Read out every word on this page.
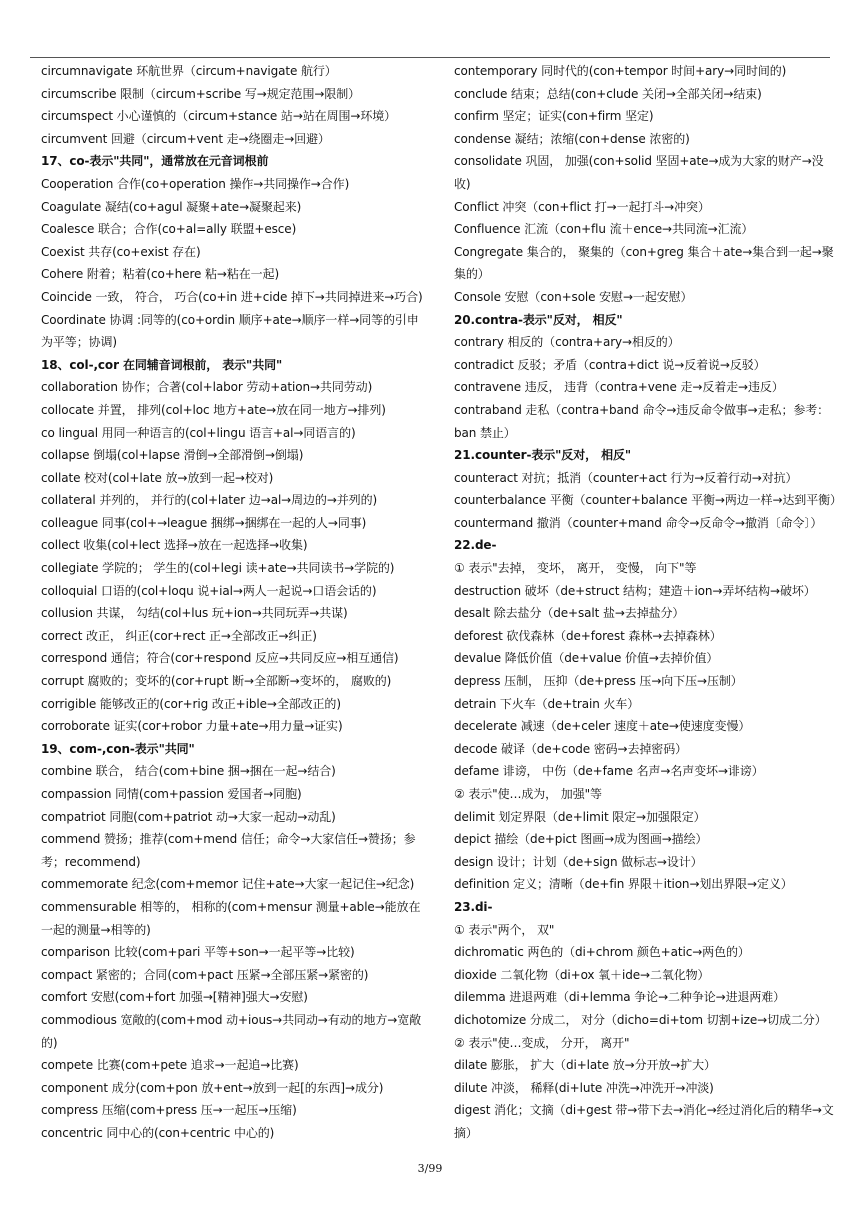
circumnavigate 环航世界（circum+navigate 航行）

circumscribe 限制（circum+scribe 写→规定范围→限制）

circumspect 小心谨慎的（circum+stance 站→站在周围→环境）

circumvent 回避（circum+vent 走→绕圈走→回避）

17、co-表示"共同"，通常放在元音词根前

Cooperation 合作(co+operation 操作→共同操作→合作)

Coagulate 凝结(co+agul 凝聚+ate→凝聚起来)

Coalesce 联合；合作(co+al=ally 联盟+esce)

Coexist 共存(co+exist 存在)

Cohere 附着；粘着(co+here 粘→粘在一起)

Coincide 一致， 符合， 巧合(co+in 进+cide 掉下→共同掉进来→巧合)

Coordinate 协调 :同等的(co+ordin 顺序+ate→顺序一样→同等的引申为平等；协调)

18、col-,cor 在同辅音词根前， 表示"共同"

collaboration 协作；合著(col+labor 劳动+ation→共同劳动)

collocate 并置， 排列(col+loc 地方+ate→放在同一地方→排列)

co lingual 用同一种语言的(col+lingu 语言+al→同语言的)

collapse 倒塌(col+lapse 滑倒→全部滑倒→倒塌)

collate 校对(col+late 放→放到一起→校对)

collateral 并列的， 并行的(col+later 边→al→周边的→并列的)

colleague 同事(col+→league 捆绑→捆绑在一起的人→同事)

collect 收集(col+lect 选择→放在一起选择→收集)

collegiate 学院的； 学生的(col+legi 读+ate→共同读书→学院的)

colloquial 口语的(col+loqu 说+ial→两人一起说→口语会话的)

collusion 共谋， 勾结(col+lus 玩+ion→共同玩弄→共谋)

correct 改正， 纠正(cor+rect 正→全部改正→纠正)

correspond 通信；符合(cor+respond 反应→共同反应→相互通信)

corrupt 腐败的；变坏的(cor+rupt 断→全部断→变坏的， 腐败的)

corrigible 能够改正的(cor+rig 改正+ible→全部改正的)

corroborate 证实(cor+robor 力量+ate→用力量→证实)

19、com-,con-表示"共同"

combine 联合， 结合(com+bine 捆→捆在一起→结合)

compassion 同情(com+passion 爱国者→同胞)

compatriot 同胞(com+patriot 动→大家一起动→动乱)

commend 赞扬；推荐(com+mend 信任；命令→大家信任→赞扬；参考；recommend)

commemorate 纪念(com+memor 记住+ate→大家一起记住→纪念)

commensurable 相等的， 相称的(com+mensur 测量+able→能放在一起的测量→相等的)

comparison 比较(com+pari 平等+son→一起平等→比较)

compact 紧密的；合同(com+pact 压紧→全部压紧→紧密的)

comfort 安慰(com+fort 加强→[精神]强大→安慰)

commodious 宽敞的(com+mod 动+ious→共同动→有动的地方→宽敞的)

compete 比赛(com+pete 追求→一起追→比赛)

component 成分(com+pon 放+ent→放到一起[的东西]→成分)

compress 压缩(com+press 压→一起压→压缩)

concentric 同中心的(con+centric 中心的)

contemporary 同时代的(con+tempor 时间+ary→同时间的)

conclude 结束；总结(con+clude 关闭→全部关闭→结束)

confirm 坚定；证实(con+firm 坚定)

condense 凝结；浓缩(con+dense 浓密的)

consolidate 巩固， 加强(con+solid 坚固+ate→成为大家的财产→没收)

Conflict 冲突（con+flict 打→一起打斗→冲突）

Confluence 汇流（con+flu 流＋ence→共同流→汇流）

Congregate 集合的， 聚集的（con+greg 集合＋ate→集合到一起→聚集的）

Console 安慰（con+sole 安慰→一起安慰）

20.contra-表示"反对， 相反"

contrary 相反的（contra+ary→相反的）

contradict 反驳；矛盾（contra+dict 说→反着说→反驳）

contravene 违反， 违背（contra+vene 走→反着走→违反）

contraband 走私（contra+band 命令→违反命令做事→走私；参考：ban 禁止）

21.counter-表示"反对， 相反"

counteract 对抗；抵消（counter+act 行为→反着行动→对抗）

counterbalance 平衡（counter+balance 平衡→两边一样→达到平衡）

countermand 撤消（counter+mand 命令→反命令→撤消〔命令〕）

22.de-

① 表示"去掉， 变坏， 离开， 变慢， 向下"等

destruction 破坏（de+struct 结构；建造＋ion→弄坏结构→破坏）

desalt 除去盐分（de+salt 盐→去掉盐分）

deforest 砍伐森林（de+forest 森林→去掉森林）

devalue 降低价值（de+value 价值→去掉价值）

depress 压制， 压抑（de+press 压→向下压→压制）

detrain 下火车（de+train 火车）

decelerate 减速（de+celer 速度＋ate→使速度变慢）

decode 破译（de+code 密码→去掉密码）

defame 诽谤， 中伤（de+fame 名声→名声变坏→诽谤）

② 表示"使…成为， 加强"等

delimit 划定界限（de+limit 限定→加强限定）

depict 描绘（de+pict 图画→成为图画→描绘）

design 设计；计划（de+sign 做标志→设计）

definition 定义；清晰（de+fin 界限＋ition→划出界限→定义）

23.di-

① 表示"两个， 双"

dichromatic 两色的（di+chrom 颜色+atic→两色的）

dioxide 二氧化物（di+ox 氧＋ide→二氧化物）

dilemma 进退两难（di+lemma 争论→二种争论→进退两难）

dichotomize 分成二， 对分（dicho=di+tom 切割+ize→切成二分）

② 表示"使…变成， 分开， 离开"

dilate 膨胀， 扩大（di+late 放→分开放→扩大）

dilute 冲淡， 稀释(di+lute 冲洗→冲洗开→冲淡)

digest 消化；文摘（di+gest 带→带下去→消化→经过消化后的精华→文摘）

3/99
